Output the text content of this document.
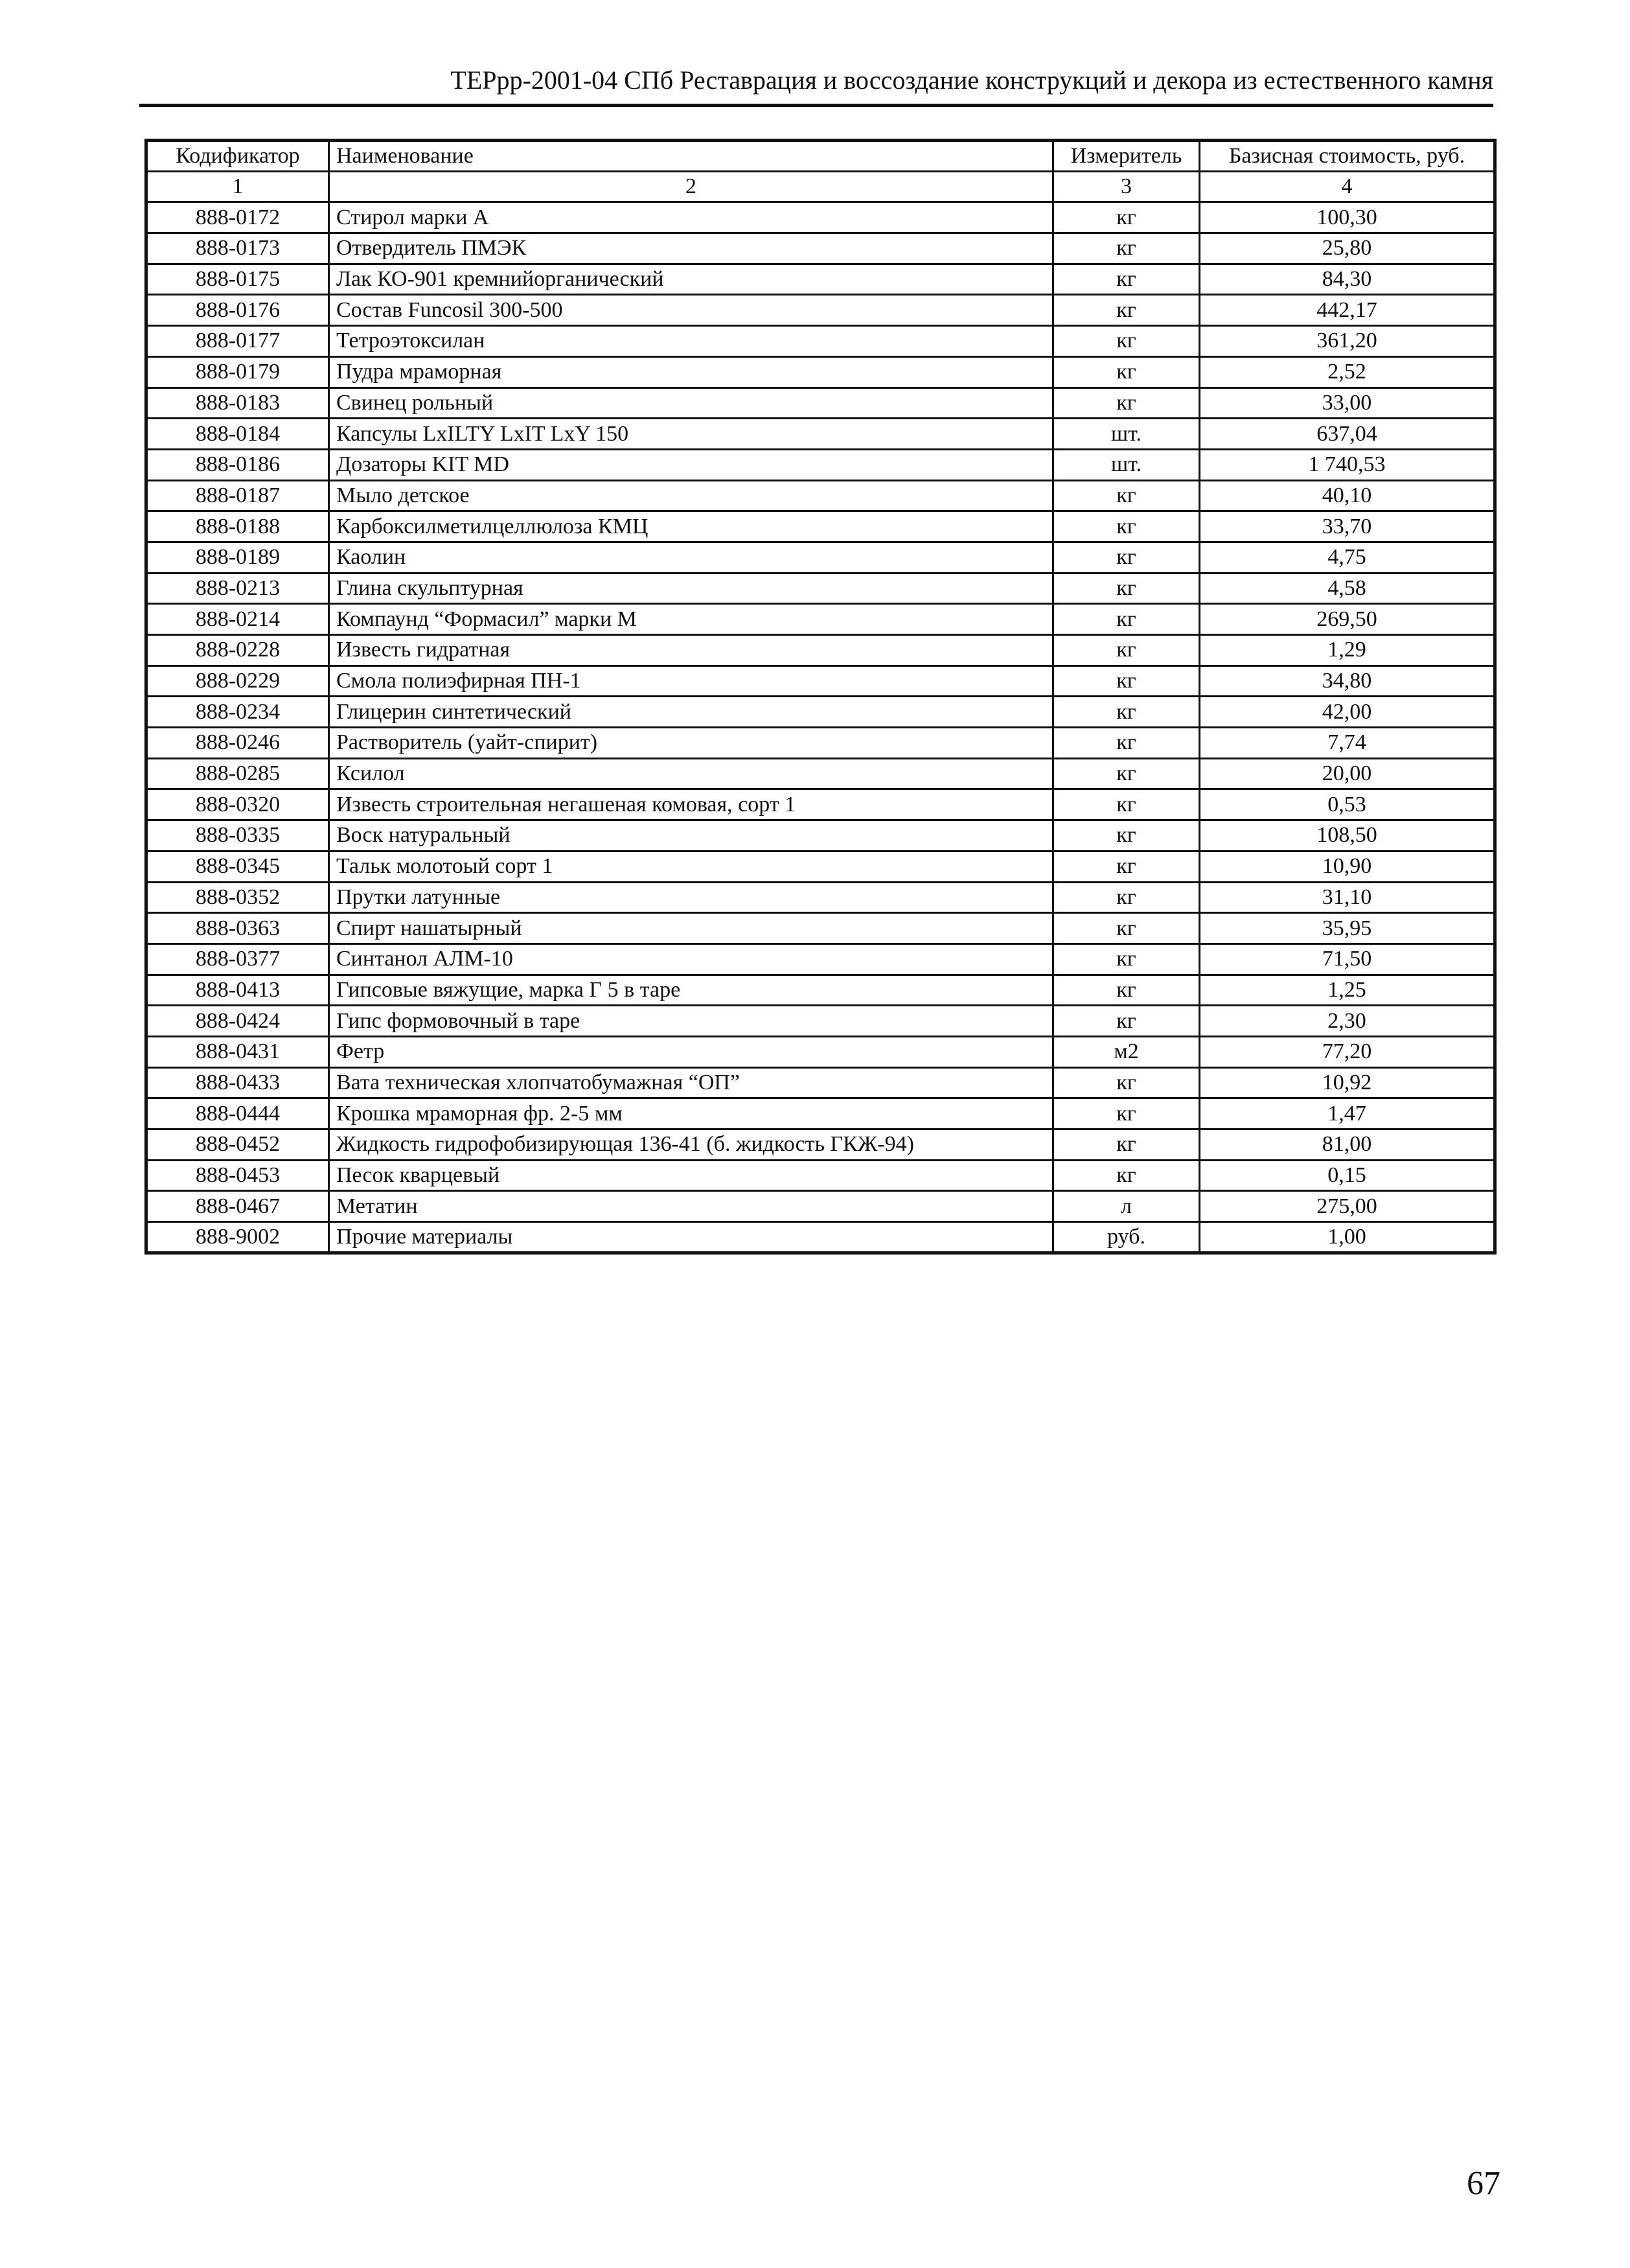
ТЕРрр-2001-04 СПб Реставрация и воссоздание конструкций и декора из естественного камня
Кодификатор	Наименование	Измеритель	Базисная стоимость, руб.
1	2	3	4
888-0172	Стирол марки А	кг	100,30
888-0173	Отвердитель ПМЭК	кг	25,80
888-0175	Лак КО-901 кремнийорганический	кг	84,30
888-0176	Состав Funcosil 300-500	кг	442,17
888-0177	Тетроэтоксилан	кг	361,20
888-0179	Пудра мраморная	кг	2,52
888-0183	Свинец рольный	кг	33,00
888-0184	Капсулы LxILTY LxIT LxY 150	шт.	637,04
888-0186	Дозаторы KIT MD	шт.	1 740,53
888-0187	Мыло детское	кг	40,10
888-0188	Карбоксилметилцеллюлоза КМЦ	кг	33,70
888-0189	Каолин	кг	4,75
888-0213	Глина скульптурная	кг	4,58
888-0214	Компаунд “Формасил” марки М	кг	269,50
888-0228	Известь гидратная	кг	1,29
888-0229	Смола полиэфирная ПН-1	кг	34,80
888-0234	Глицерин синтетический	кг	42,00
888-0246	Растворитель (уайт-спирит)	кг	7,74
888-0285	Ксилол	кг	20,00
888-0320	Известь строительная негашеная комовая, сорт 1	кг	0,53
888-0335	Воск натуральный	кг	108,50
888-0345	Тальк молотоый сорт 1	кг	10,90
888-0352	Прутки латунные	кг	31,10
888-0363	Спирт нашатырный	кг	35,95
888-0377	Синтанол АЛМ-10	кг	71,50
888-0413	Гипсовые вяжущие, марка Г 5 в таре	кг	1,25
888-0424	Гипс формовочный в таре	кг	2,30
888-0431	Фетр	м2	77,20
888-0433	Вата техническая хлопчатобумажная “ОП”	кг	10,92
888-0444	Крошка мраморная фр. 2-5 мм	кг	1,47
888-0452	Жидкость гидрофобизирующая 136-41 (б. жидкость ГКЖ-94)	кг	81,00
888-0453	Песок кварцевый	кг	0,15
888-0467	Метатин	л	275,00
888-9002	Прочие материалы	руб.	1,00
67
